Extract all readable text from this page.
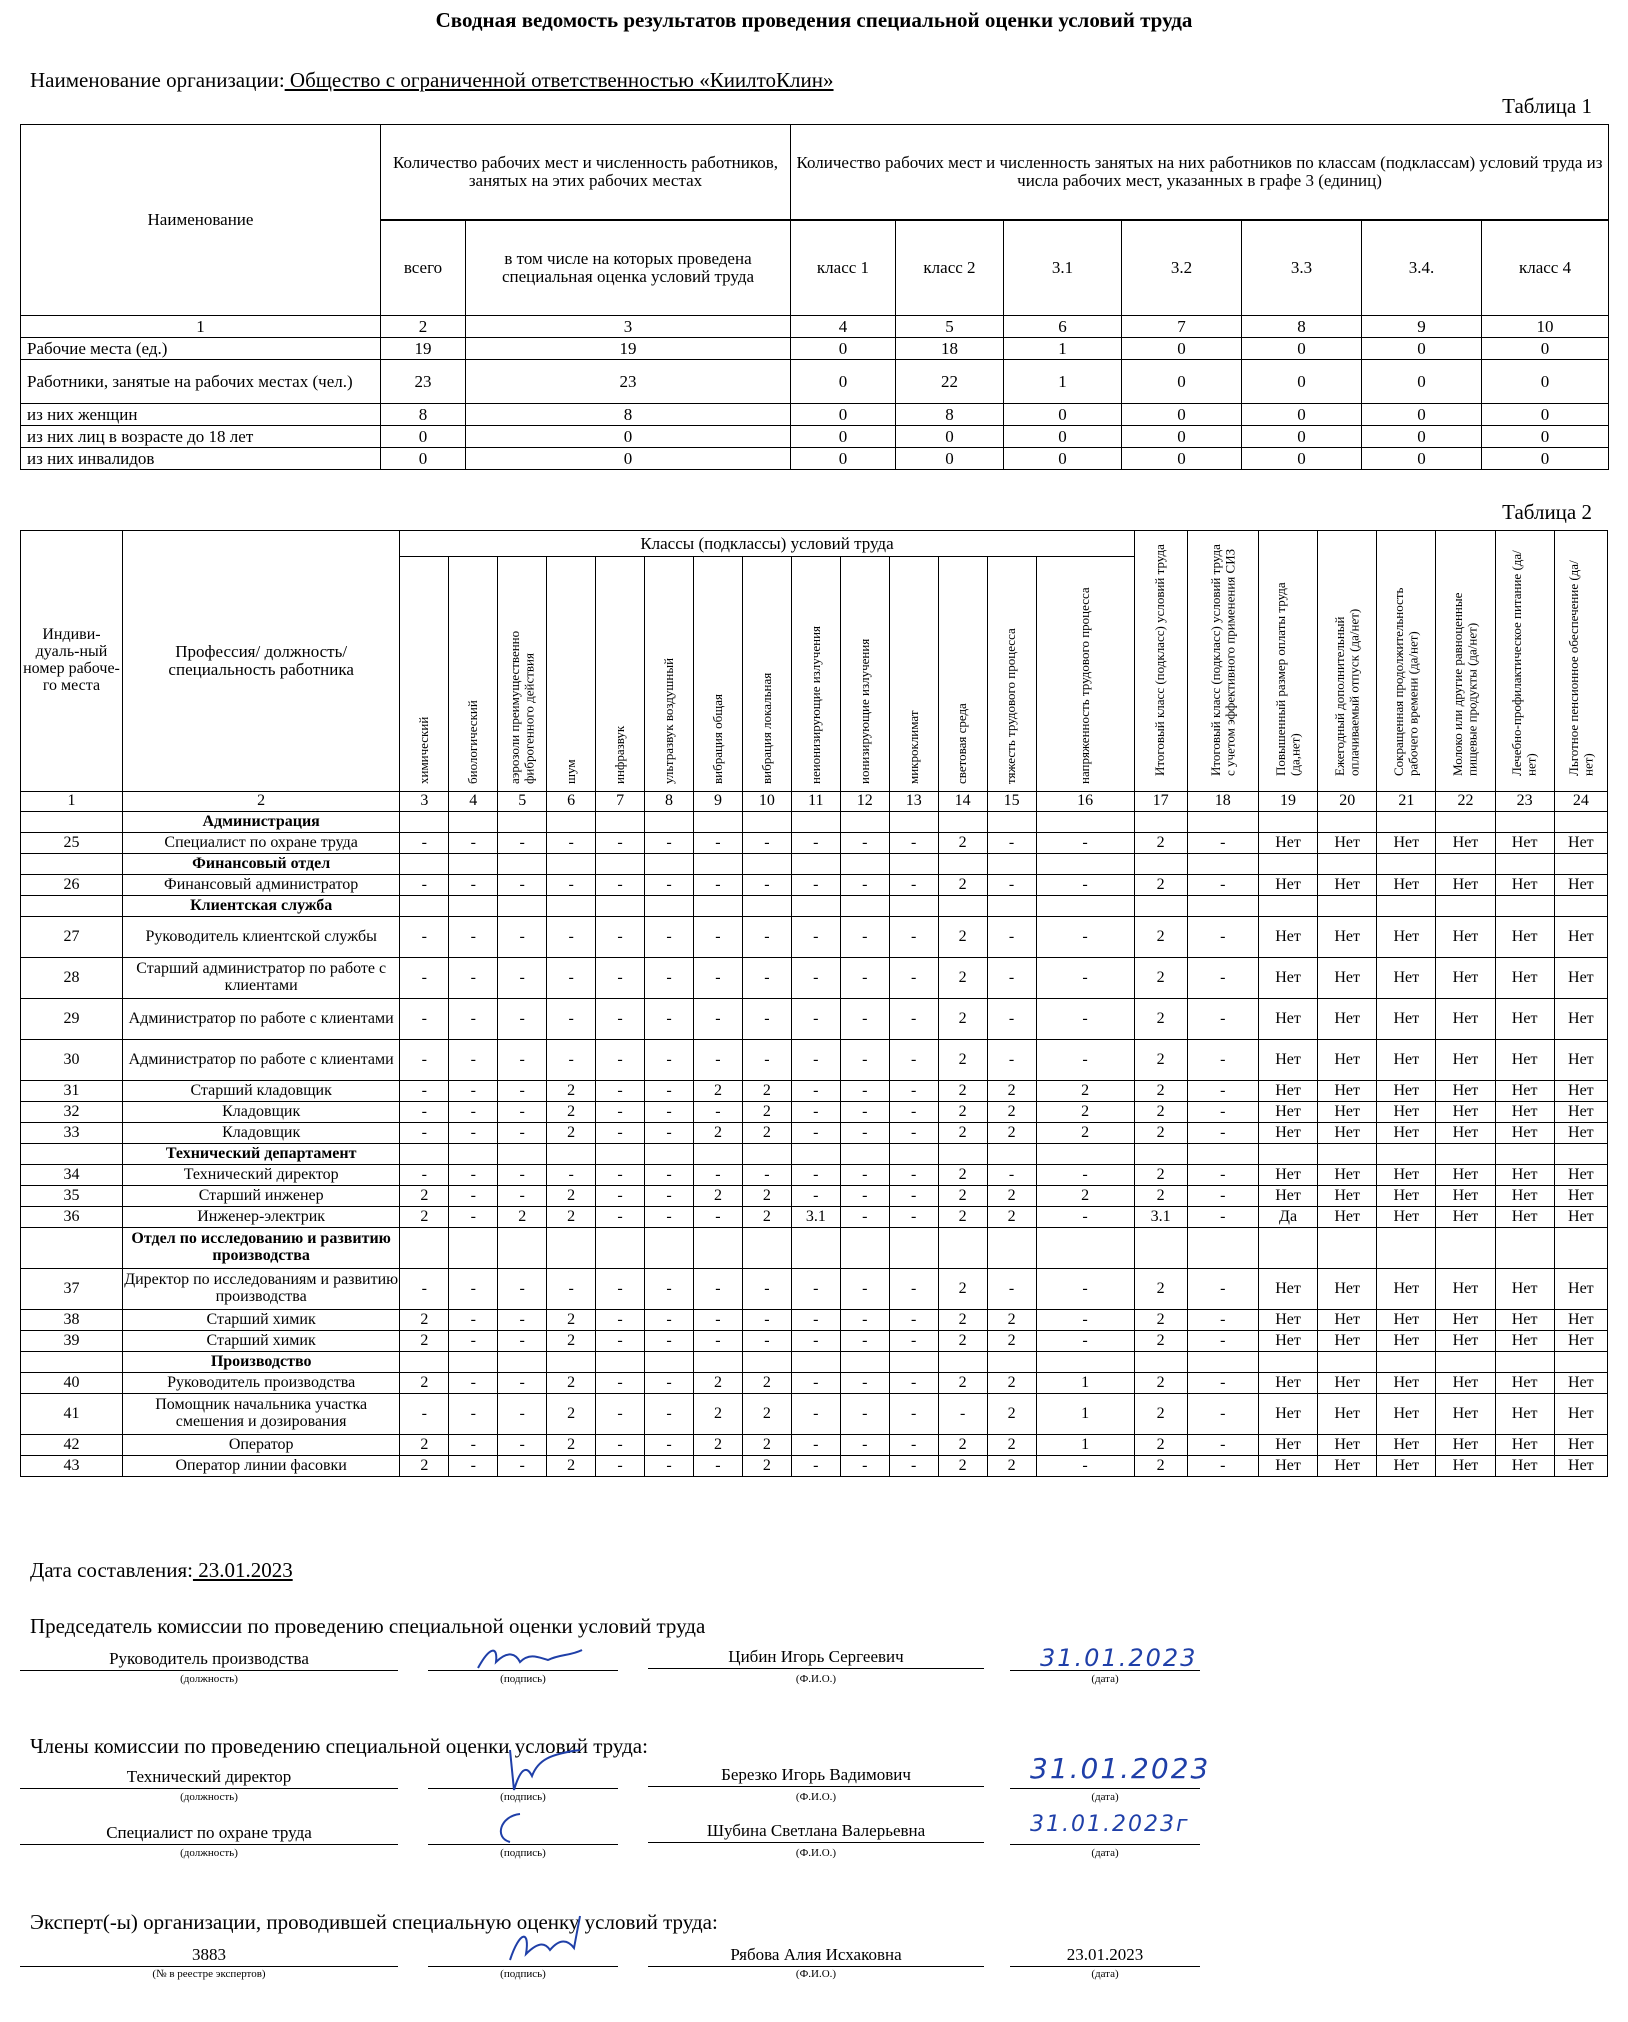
Сводная ведомость результатов проведения специальной оценки условий труда
Наименование организации: Общество с ограниченной ответственностью «КиилтоКлин»
Таблица 1
Наименование	Количество рабочих мест и численность работников, занятых на этих рабочих местах		Количество рабочих мест и численность занятых на них работников по классам (подклассам) условий труда из числа рабочих мест, указанных в графе 3 (единиц)						

	всего	в том числе на которых проведена специальная оценка условий труда	класс 1	класс 2	3.1	3.2	3.3	3.4.	класс 4
1	2	3	4	5	6	7	8	9	10
Рабочие места (ед.)	19	19	0	18	1	0	0	0	0
Работники, занятые на рабочих местах (чел.)	23	23	0	22	1	0	0	0	0
из них женщин	8	8	0	8	0	0	0	0	0
из них лиц в возрасте до 18 лет	0	0	0	0	0	0	0	0	0
из них инвалидов	0	0	0	0	0	0	0	0	0
Таблица 2
Индиви-дуаль-ный номер рабоче-го места	Профессия/ должность/ специальность работника	Классы (подклассы) условий труда														Итоговый класс (подкласс) условий труда	Итоговый класс (подкласс) условий труда с учетом эффективного применения СИЗ	Повышенный размер оплаты труда (да,нет)	Ежегодный дополнительный оплачиваемый отпуск (да/нет)	Сокращенная продолжительность рабочего времени (да/нет)	Молоко или другие равноценные пищевые продукты (да/нет)	Лечебно-профилактическое питание (да/нет)	Льготное пенсионное обеспечение (да/нет)
		химический	биологический	аэрозоли преимущественно фиброгенного действия	шум	инфразвук	ультразвук воздушный	вибрация общая	вибрация локальная	неионизирующие излучения	ионизирующие излучения	микроклимат	световая среда	тяжесть трудового процесса	напряженность трудового процесса								
1	2	3	4	5	6	7	8	9	10	11	12	13	14	15	16	17	18	19	20	21	22	23	24
	Администрация																						
25	Специалист по охране труда	-	-	-	-	-	-	-	-	-	-	-	2	-	-	2	-	Нет	Нет	Нет	Нет	Нет	Нет
	Финансовый отдел																						
26	Финансовый администратор	-	-	-	-	-	-	-	-	-	-	-	2	-	-	2	-	Нет	Нет	Нет	Нет	Нет	Нет
	Клиентская служба																						
27	Руководитель клиентской службы	-	-	-	-	-	-	-	-	-	-	-	2	-	-	2	-	Нет	Нет	Нет	Нет	Нет	Нет
28	Старший администратор по работе с клиентами	-	-	-	-	-	-	-	-	-	-	-	2	-	-	2	-	Нет	Нет	Нет	Нет	Нет	Нет
29	Администратор по работе с клиентами	-	-	-	-	-	-	-	-	-	-	-	2	-	-	2	-	Нет	Нет	Нет	Нет	Нет	Нет
30	Администратор по работе с клиентами	-	-	-	-	-	-	-	-	-	-	-	2	-	-	2	-	Нет	Нет	Нет	Нет	Нет	Нет
31	Старший кладовщик	-	-	-	2	-	-	2	2	-	-	-	2	2	2	2	-	Нет	Нет	Нет	Нет	Нет	Нет
32	Кладовщик	-	-	-	2	-	-	-	2	-	-	-	2	2	2	2	-	Нет	Нет	Нет	Нет	Нет	Нет
33	Кладовщик	-	-	-	2	-	-	2	2	-	-	-	2	2	2	2	-	Нет	Нет	Нет	Нет	Нет	Нет
	Технический департамент																						
34	Технический директор	-	-	-	-	-	-	-	-	-	-	-	2	-	-	2	-	Нет	Нет	Нет	Нет	Нет	Нет
35	Старший инженер	2	-	-	2	-	-	2	2	-	-	-	2	2	2	2	-	Нет	Нет	Нет	Нет	Нет	Нет
36	Инженер-электрик	2	-	2	2	-	-	-	2	3.1	-	-	2	2	-	3.1	-	Да	Нет	Нет	Нет	Нет	Нет
	Отдел по исследованию и развитию производства																						
37	Директор по исследованиям и развитию производства	-	-	-	-	-	-	-	-	-	-	-	2	-	-	2	-	Нет	Нет	Нет	Нет	Нет	Нет
38	Старший химик	2	-	-	2	-	-	-	-	-	-	-	2	2	-	2	-	Нет	Нет	Нет	Нет	Нет	Нет
39	Старший химик	2	-	-	2	-	-	-	-	-	-	-	2	2	-	2	-	Нет	Нет	Нет	Нет	Нет	Нет
	Производство																						
40	Руководитель производства	2	-	-	2	-	-	2	2	-	-	-	2	2	1	2	-	Нет	Нет	Нет	Нет	Нет	Нет
41	Помощник начальника участка смешения и дозирования	-	-	-	2	-	-	2	2	-	-	-	-	2	1	2	-	Нет	Нет	Нет	Нет	Нет	Нет
42	Оператор	2	-	-	2	-	-	2	2	-	-	-	2	2	1	2	-	Нет	Нет	Нет	Нет	Нет	Нет
43	Оператор линии фасовки	2	-	-	2	-	-	-	2	-	-	-	2	2	-	2	-	Нет	Нет	Нет	Нет	Нет	Нет
Дата составления: 23.01.2023
Председатель комиссии по проведению специальной оценки условий труда
Руководитель производства	Цибин Игорь Сергеевич	31.01.2023
(должность)	(подпись)	(Ф.И.О.)	(дата)
Члены комиссии по проведению специальной оценки условий труда:
Технический директор	Березко Игорь Вадимович	31.01.2023
(должность)	(подпись)	(Ф.И.О.)	(дата)
Специалист по охране труда	Шубина Светлана Валерьевна	31.01.2023г
(должность)	(подпись)	(Ф.И.О.)	(дата)
Эксперт(-ы) организации, проводившей специальную оценку условий труда:
3883	Рябова Алия Исхаковна	23.01.2023
(№ в реестре экспертов)	(подпись)	(Ф.И.О.)	(дата)
